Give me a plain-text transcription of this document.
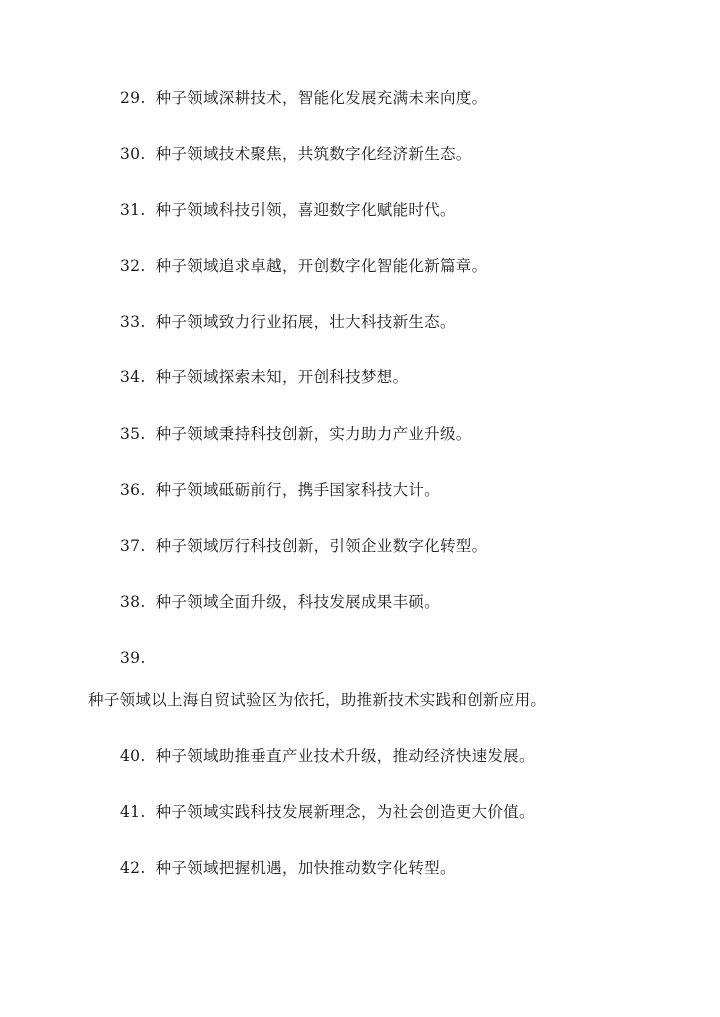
29. 种子领域深耕技术，智能化发展充满未来向度。
30. 种子领域技术聚焦，共筑数字化经济新生态。
31. 种子领域科技引领，喜迎数字化赋能时代。
32. 种子领域追求卓越，开创数字化智能化新篇章。
33. 种子领域致力行业拓展，壮大科技新生态。
34. 种子领域探索未知，开创科技梦想。
35. 种子领域秉持科技创新，实力助力产业升级。
36. 种子领域砥砺前行，携手国家科技大计。
37. 种子领域厉行科技创新，引领企业数字化转型。
38. 种子领域全面升级，科技发展成果丰硕。
39.
种子领域以上海自贸试验区为依托，助推新技术实践和创新应用。
40. 种子领域助推垂直产业技术升级，推动经济快速发展。
41. 种子领域实践科技发展新理念，为社会创造更大价值。
42. 种子领域把握机遇，加快推动数字化转型。
